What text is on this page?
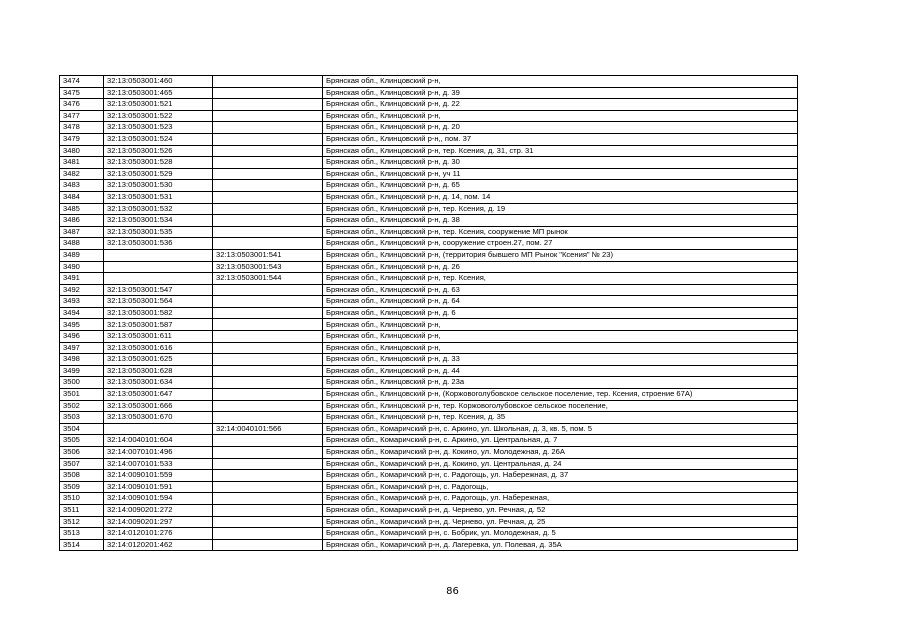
3474	32:13:0503001:460		Брянская обл., Клинцовский р-н,
3475	32:13:0503001:465		Брянская обл., Клинцовский р-н, д. 39
3476	32:13:0503001:521		Брянская обл., Клинцовский р-н, д. 22
3477	32:13:0503001:522		Брянская обл., Клинцовский р-н,
3478	32:13:0503001:523		Брянская обл., Клинцовский р-н, д. 20
3479	32:13:0503001:524		Брянская обл., Клинцовский р-н,, пом. 37
3480	32:13:0503001:526		Брянская обл., Клинцовский р-н, тер. Ксения, д. 31, стр. 31
3481	32:13:0503001:528		Брянская обл., Клинцовский р-н, д. 30
3482	32:13:0503001:529		Брянская обл., Клинцовский р-н, уч 11
3483	32:13:0503001:530		Брянская обл., Клинцовский р-н, д. 65
3484	32:13:0503001:531		Брянская обл., Клинцовский р-н, д. 14, пом. 14
3485	32:13:0503001:532		Брянская обл., Клинцовский р-н, тер. Ксения, д. 19
3486	32:13:0503001:534		Брянская обл., Клинцовский р-н, д. 38
3487	32:13:0503001:535		Брянская обл., Клинцовский р-н, тер. Ксения, сооружение МП рынок
3488	32:13:0503001:536		Брянская обл., Клинцовский р-н, сооружение строен.27, пом. 27
3489		32:13:0503001:541	Брянская обл., Клинцовский р-н, (территория бывшего МП Рынок "Ксения" № 23)
3490		32:13:0503001:543	Брянская обл., Клинцовский р-н, д. 26
3491		32:13:0503001:544	Брянская обл., Клинцовский р-н, тер. Ксения,
3492	32:13:0503001:547		Брянская обл., Клинцовский р-н, д. 63
3493	32:13:0503001:564		Брянская обл., Клинцовский р-н, д. 64
3494	32:13:0503001:582		Брянская обл., Клинцовский р-н, д. 6
3495	32:13:0503001:587		Брянская обл., Клинцовский р-н,
3496	32:13:0503001:611		Брянская обл., Клинцовский р-н,
3497	32:13:0503001:616		Брянская обл., Клинцовский р-н,
3498	32:13:0503001:625		Брянская обл., Клинцовский р-н, д. 33
3499	32:13:0503001:628		Брянская обл., Клинцовский р-н, д. 44
3500	32:13:0503001:634		Брянская обл., Клинцовский р-н, д. 23а
3501	32:13:0503001:647		Брянская обл., Клинцовский р-н, (Коржовоголубовское сельское поселение, тер. Ксения, строение 67А)
3502	32:13:0503001:666		Брянская обл., Клинцовский р-н, тер. Коржовоголубовское сельское поселение,
3503	32:13:0503001:670		Брянская обл., Клинцовский р-н, тер. Ксения, д. 35
3504		32:14:0040101:566	Брянская обл., Комаричский р-н, с. Аркино, ул. Школьная, д. 3, кв. 5, пом. 5
3505	32:14:0040101:604		Брянская обл., Комаричский р-н, с. Аркино, ул. Центральная, д. 7
3506	32:14:0070101:496		Брянская обл., Комаричский р-н, д. Кокино, ул. Молодежная, д. 26А
3507	32:14:0070101:533		Брянская обл., Комаричский р-н, д. Кокино, ул. Центральная, д. 24
3508	32:14:0090101:559		Брянская обл., Комаричский р-н, с. Радогощь, ул. Набережная, д. 37
3509	32:14:0090101:591		Брянская обл., Комаричский р-н, с. Радогощь,
3510	32:14:0090101:594		Брянская обл., Комаричский р-н, с. Радогощь, ул. Набережная,
3511	32:14:0090201:272		Брянская обл., Комаричский р-н, д. Чернево, ул. Речная, д. 52
3512	32:14:0090201:297		Брянская обл., Комаричский р-н, д. Чернево, ул. Речная, д. 25
3513	32:14:0120101:276		Брянская обл., Комаричский р-н, с. Бобрик, ул. Молодежная, д. 5
3514	32:14:0120201:462		Брянская обл., Комаричский р-н, д. Лагеревка, ул. Полевая, д. 35А
86
